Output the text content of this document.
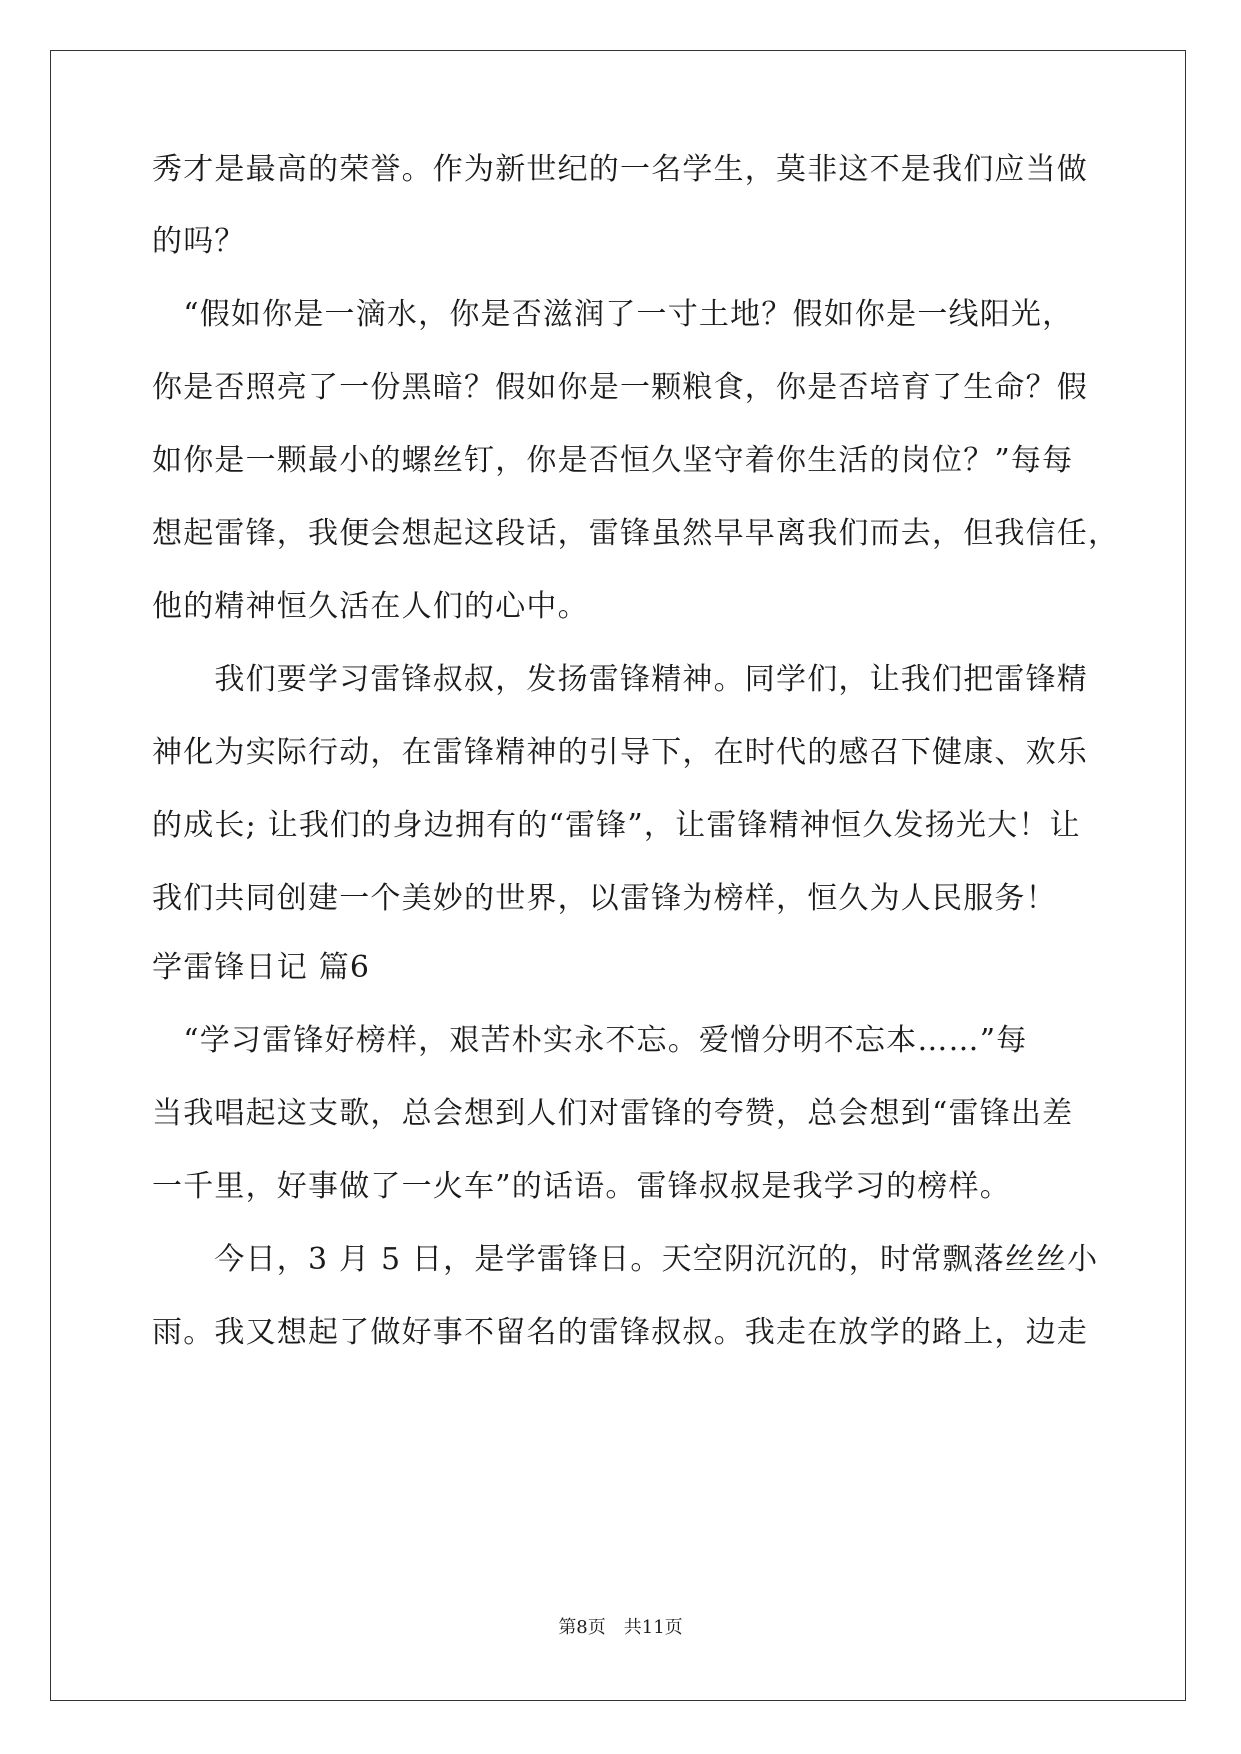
秀才是最高的荣誉。作为新世纪的一名学生，莫非这不是我们应当做
的吗？
　“假如你是一滴水，你是否滋润了一寸土地？假如你是一线阳光，
你是否照亮了一份黑暗？假如你是一颗粮食，你是否培育了生命？假
如你是一颗最小的螺丝钉，你是否恒久坚守着你生活的岗位？”每每
想起雷锋，我便会想起这段话，雷锋虽然早早离我们而去，但我信任，
他的精神恒久活在人们的心中。
　　我们要学习雷锋叔叔，发扬雷锋精神。同学们，让我们把雷锋精
神化为实际行动，在雷锋精神的引导下，在时代的感召下健康、欢乐
的成长; 让我们的身边拥有的“雷锋”，让雷锋精神恒久发扬光大！让
我们共同创建一个美妙的世界，以雷锋为榜样，恒久为人民服务！
学雷锋日记 篇6
　“学习雷锋好榜样，艰苦朴实永不忘。爱憎分明不忘本……”每
当我唱起这支歌，总会想到人们对雷锋的夸赞，总会想到“雷锋出差
一千里，好事做了一火车”的话语。雷锋叔叔是我学习的榜样。
　　今日，3 月 5 日，是学雷锋日。天空阴沉沉的，时常飘落丝丝小
雨。我又想起了做好事不留名的雷锋叔叔。我走在放学的路上，边走
第8页　共11页
